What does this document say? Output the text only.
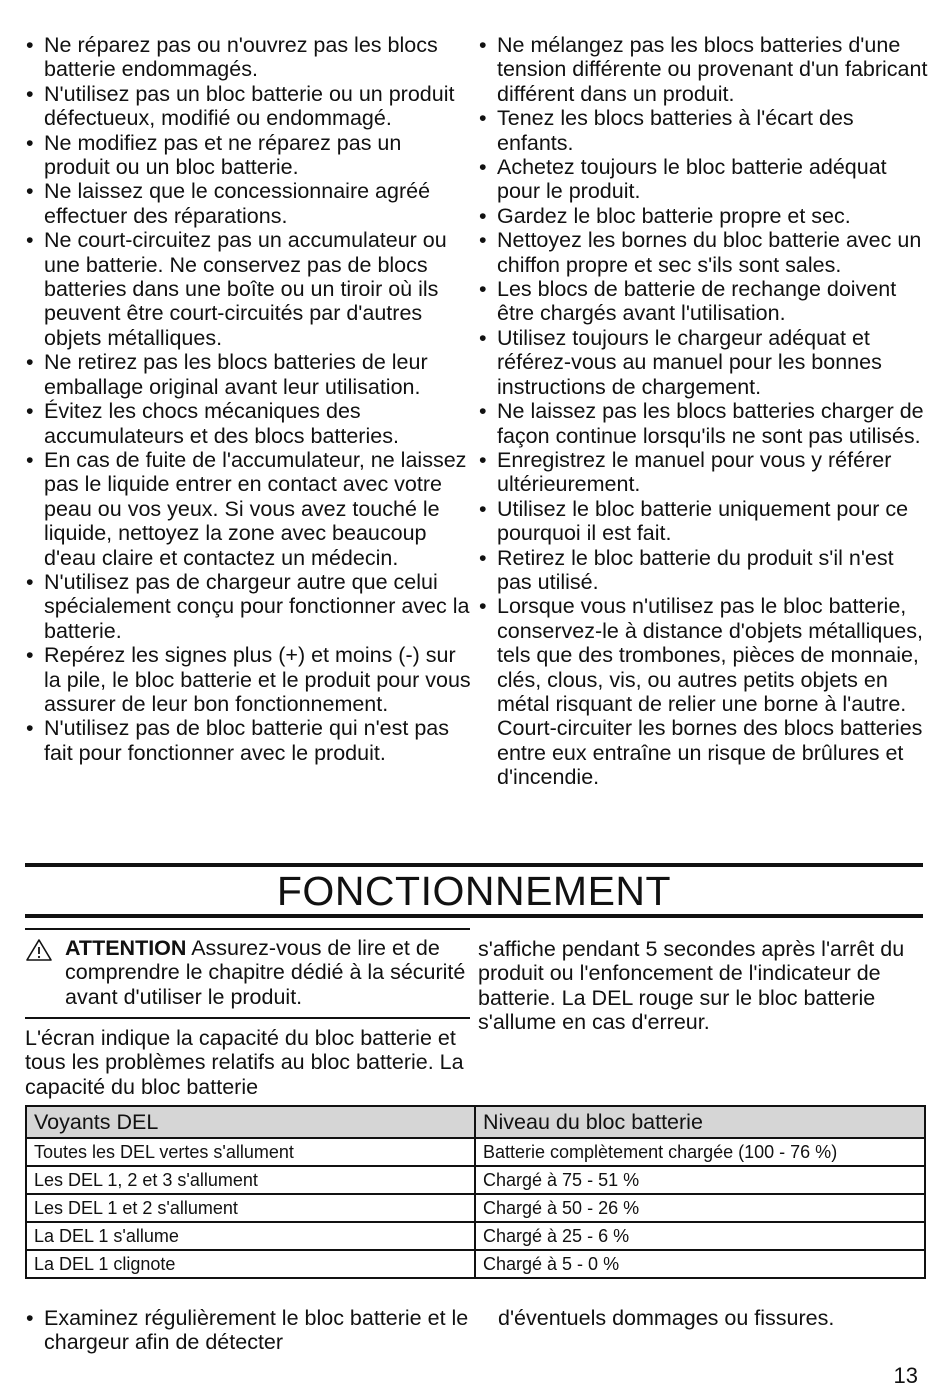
• Ne réparez pas ou n'ouvrez pas les blocs batterie endommagés.
• N'utilisez pas un bloc batterie ou un produit défectueux, modifié ou endommagé.
• Ne modifiez pas et ne réparez pas un produit ou un bloc batterie.
• Ne laissez que le concessionnaire agréé effectuer des réparations.
• Ne court-circuitez pas un accumulateur ou une batterie. Ne conservez pas de blocs batteries dans une boîte ou un tiroir où ils peuvent être court-circuités par d'autres objets métalliques.
• Ne retirez pas les blocs batteries de leur emballage original avant leur utilisation.
• Évitez les chocs mécaniques des accumulateurs et des blocs batteries.
• En cas de fuite de l'accumulateur, ne laissez pas le liquide entrer en contact avec votre peau ou vos yeux. Si vous avez touché le liquide, nettoyez la zone avec beaucoup d'eau claire et contactez un médecin.
• N'utilisez pas de chargeur autre que celui spécialement conçu pour fonctionner avec la batterie.
• Repérez les signes plus (+) et moins (-) sur la pile, le bloc batterie et le produit pour vous assurer de leur bon fonctionnement.
• N'utilisez pas de bloc batterie qui n'est pas fait pour fonctionner avec le produit.
• Ne mélangez pas les blocs batteries d'une tension différente ou provenant d'un fabricant différent dans un produit.
• Tenez les blocs batteries à l'écart des enfants.
• Achetez toujours le bloc batterie adéquat pour le produit.
• Gardez le bloc batterie propre et sec.
• Nettoyez les bornes du bloc batterie avec un chiffon propre et sec s'ils sont sales.
• Les blocs de batterie de rechange doivent être chargés avant l'utilisation.
• Utilisez toujours le chargeur adéquat et référez-vous au manuel pour les bonnes instructions de chargement.
• Ne laissez pas les blocs batteries charger de façon continue lorsqu'ils ne sont pas utilisés.
• Enregistrez le manuel pour vous y référer ultérieurement.
• Utilisez le bloc batterie uniquement pour ce pourquoi il est fait.
• Retirez le bloc batterie du produit s'il n'est pas utilisé.
• Lorsque vous n'utilisez pas le bloc batterie, conservez-le à distance d'objets métalliques, tels que des trombones, pièces de monnaie, clés, clous, vis, ou autres petits objets en métal risquant de relier une borne à l'autre. Court-circuiter les bornes des blocs batteries entre eux entraîne un risque de brûlures et d'incendie.
FONCTIONNEMENT
ATTENTION Assurez-vous de lire et de comprendre le chapitre dédié à la sécurité avant d'utiliser le produit.
L'écran indique la capacité du bloc batterie et tous les problèmes relatifs au bloc batterie. La capacité du bloc batterie
s'affiche pendant 5 secondes après l'arrêt du produit ou l'enfoncement de l'indicateur de batterie. La DEL rouge sur le bloc batterie s'allume en cas d'erreur.
Voyants DEL	Niveau du bloc batterie
Toutes les DEL vertes s'allument	Batterie complètement chargée (100 - 76 %)
Les DEL 1, 2 et 3 s'allument	Chargé à 75 - 51 %
Les DEL 1 et 2 s'allument	Chargé à 50 - 26 %
La DEL 1 s'allume	Chargé à 25 - 6 %
La DEL 1 clignote	Chargé à 5 - 0 %
• Examinez régulièrement le bloc batterie et le chargeur afin de détecter
d'éventuels dommages ou fissures.
13
